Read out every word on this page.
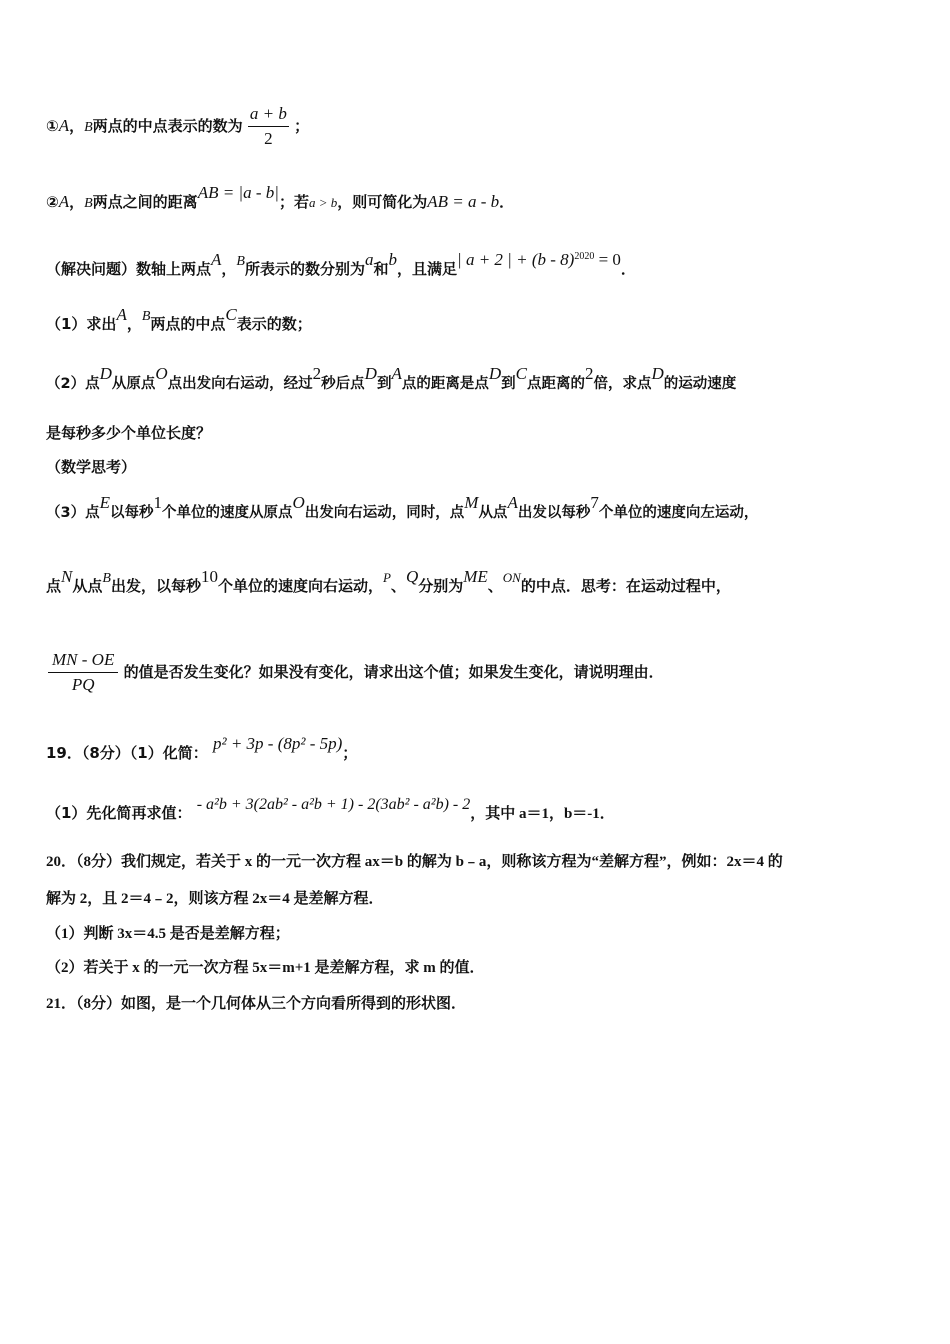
①A，B两点的中点表示的数为 $\frac{a + b}{2}$ ；
②A，B两点之间的距离AB = |a - b|；若a > b，则可简化为AB = a - b．
（解决问题）数轴上两点A，B所表示的数分别为a和b，且满足| a + 2 | + (b - 8)$^{2020}$ = 0．
（1）求出A，B两点的中点C表示的数；
（2）点D从原点O点出发向右运动，经过2秒后点D到A点的距离是点D到C点距离的2倍，求点D的运动速度
是每秒多少个单位长度？
（数学思考）
（3）点E以每秒1个单位的速度从原点O出发向右运动，同时，点M从点A出发以每秒7个单位的速度向左运动，
点N从点B出发，以每秒10个单位的速度向右运动，P、Q分别为ME、ON的中点．思考：在运动过程中，
$\frac{MN - OE}{PQ}$ 的值是否发生变化？如果没有变化，请求出这个值；如果发生变化，请说明理由．
19．（8分）（1）化简： p² + 3p - (8p² - 5p)；
（1）先化简再求值： - a²b + 3(2ab² - a²b + 1) - 2(3ab² - a²b) - 2，其中 a＝1，b＝-1．
20．（8分）我们规定，若关于 x 的一元一次方程 ax＝b 的解为 b﹣a，则称该方程为“差解方程”，例如：2x＝4 的
解为 2，且 2＝4﹣2，则该方程 2x＝4 是差解方程．
（1）判断 3x＝4.5 是否是差解方程；
（2）若关于 x 的一元一次方程 5x＝m+1 是差解方程，求 m 的值．
21．（8分）如图，是一个几何体从三个方向看所得到的形状图．
